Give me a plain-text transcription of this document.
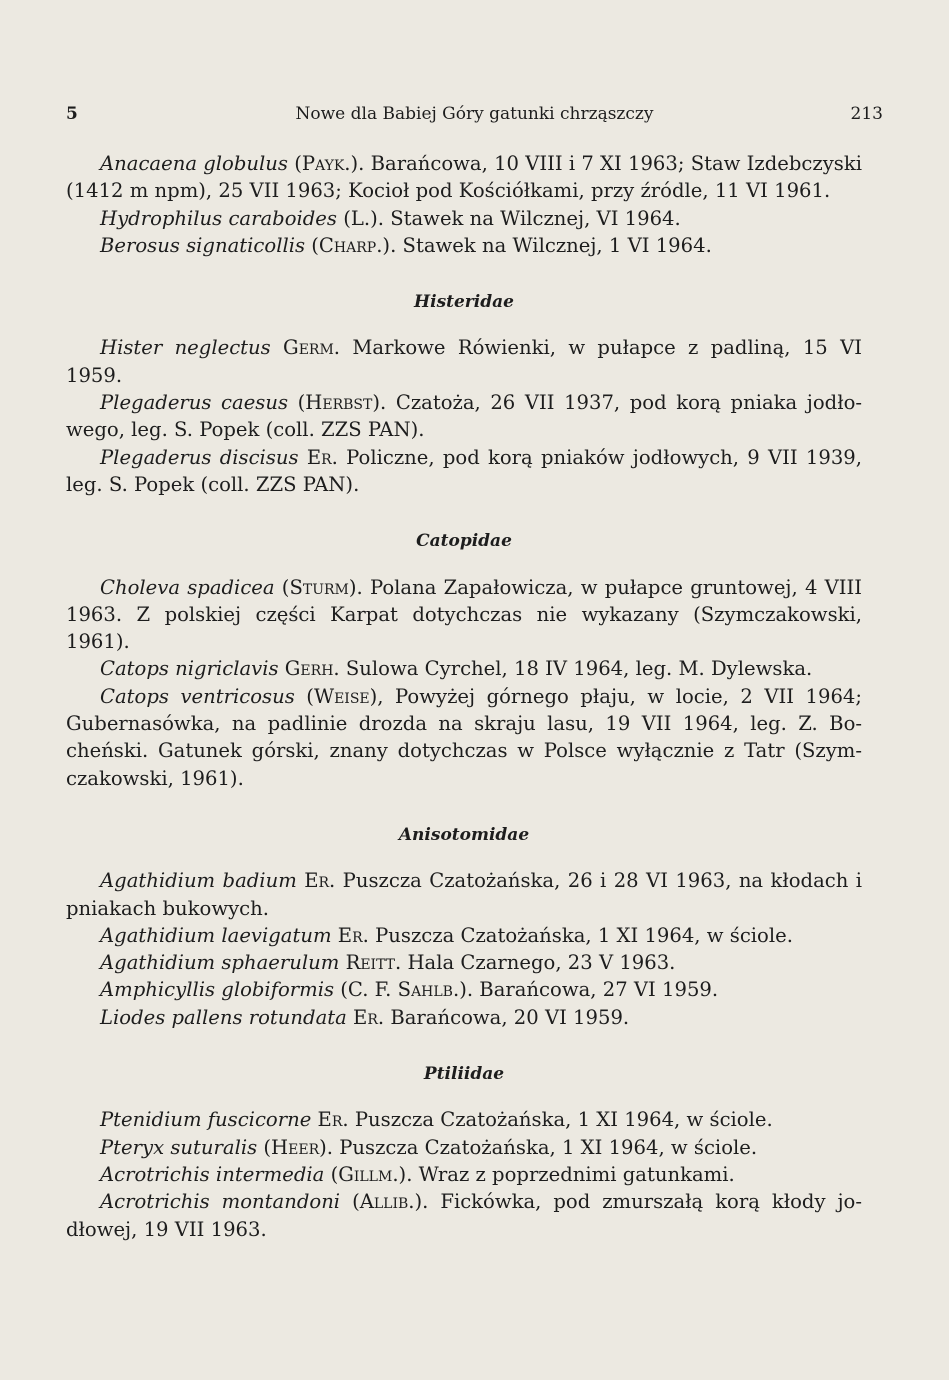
5	Nowe dla Babiej Góry gatunki chrząszczy	213

Anacaena globulus (Payk.). Barańcowa, 10 VIII i 7 XI 1963; Staw Izdebczyski (1412 m npm), 25 VII 1963; Kocioł pod Kościółkami, przy źródle, 11 VI 1961.

Hydrophilus caraboides (L.). Stawek na Wilcznej, VI 1964.

Berosus signaticollis (Charp.). Stawek na Wilcznej, 1 VI 1964.

Histeridae

Hister neglectus Germ. Markowe Rówienki, w pułapce z padliną, 15 VI 1959.

Plegaderus caesus (Herbst). Czatoża, 26 VII 1937, pod korą pniaka jodłowego, leg. S. Popek (coll. ZZS PAN).

Plegaderus discisus Er. Policzne, pod korą pniaków jodłowych, 9 VII 1939, leg. S. Popek (coll. ZZS PAN).

Catopidae

Choleva spadicea (Sturm). Polana Zapałowicza, w pułapce gruntowej, 4 VIII 1963. Z polskiej części Karpat dotychczas nie wykazany (Szymczakowski, 1961).

Catops nigriclavis Gerh. Sulowa Cyrchel, 18 IV 1964, leg. M. Dylewska.

Catops ventricosus (Weise), Powyżej górnego płaju, w locie, 2 VII 1964; Gubernasówka, na padlinie drozda na skraju lasu, 19 VII 1964, leg. Z. Bocheński. Gatunek górski, znany dotychczas w Polsce wyłącznie z Tatr (Szymczakowski, 1961).

Anisotomidae

Agathidium badium Er. Puszcza Czatożańska, 26 i 28 VI 1963, na kłodach i pniakach bukowych.

Agathidium laevigatum Er. Puszcza Czatożańska, 1 XI 1964, w ściole.

Agathidium sphaerulum Reitt. Hala Czarnego, 23 V 1963.

Amphicyllis globiformis (C. F. Sahlb.). Barańcowa, 27 VI 1959.

Liodes pallens rotundata Er. Barańcowa, 20 VI 1959.

Ptiliidae

Ptenidium fuscicorne Er. Puszcza Czatożańska, 1 XI 1964, w ściole.

Pteryx suturalis (Heer). Puszcza Czatożańska, 1 XI 1964, w ściole.

Acrotrichis intermedia (Gillm.). Wraz z poprzednimi gatunkami.

Acrotrichis montandoni (Allib.). Fickówka, pod zmurszałą korą kłody jodłowej, 19 VII 1963.
